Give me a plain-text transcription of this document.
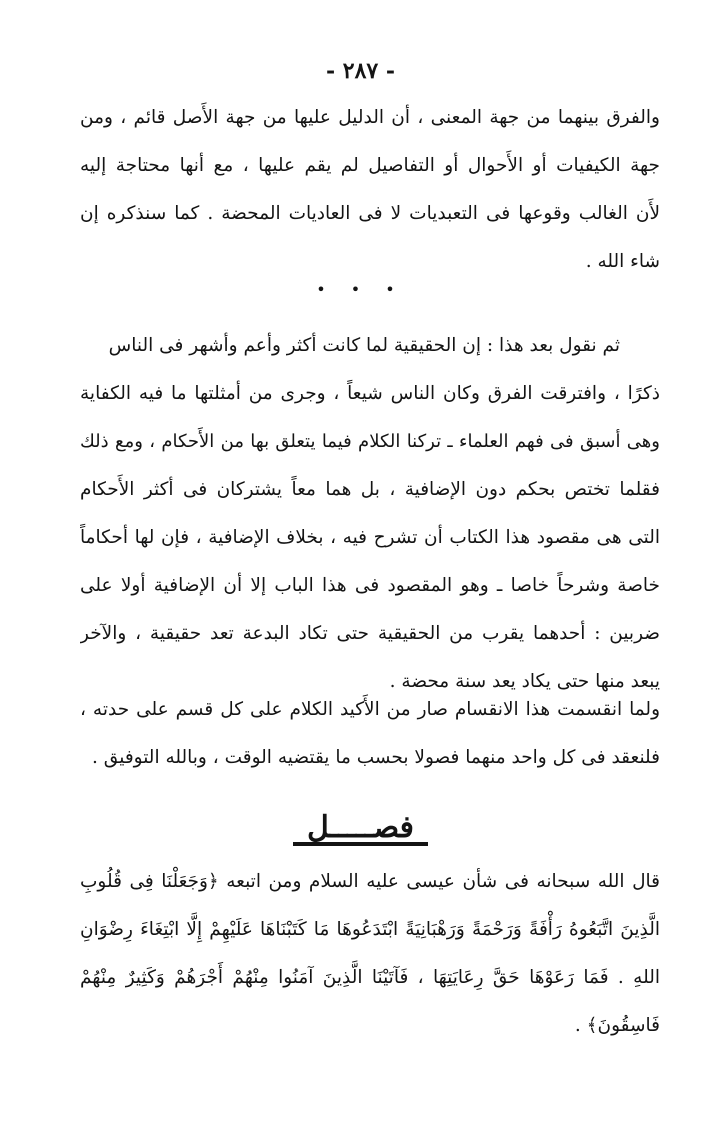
- ٢٨٧ -
والفرق بينهما من جهة المعنى ، أن الدليل عليها من جهة الأَصل قائم ، ومن
جهة الكيفيات أو الأَحوال أو التفاصيل لم يقم عليها ، مع أنها محتاجة إليه
لأَن الغالب وقوعها فى التعبديات لا فى العاديات المحضة . كما سنذكره إن
شاء الله .
• • •
ثم نقول بعد هذا : إن الحقيقية لما كانت أكثر وأعم وأشهر فى الناس
ذكرًا ، وافترقت الفرق وكان الناس شيعاً ، وجرى من أمثلتها ما فيه الكفاية
وهى أسبق فى فهم العلماء ـ تركنا الكلام فيما يتعلق بها من الأَحكام ، ومع ذلك
فقلما تختص بحكم دون الإضافية ، بل هما معاً يشتركان فى أكثر الأَحكام
التى هى مقصود هذا الكتاب أن تشرح فيه ، بخلاف الإضافية ، فإن لها أحكاماً
خاصة وشرحاً خاصا ـ وهو المقصود فى هذا الباب إلا أن الإضافية أولا على
ضربين : أحدهما يقرب من الحقيقية حتى تكاد البدعة تعد حقيقية ، والآخر
يبعد منها حتى يكاد يعد سنة محضة .
ولما انقسمت هذا الانقسام صار من الأَكيد الكلام على كل قسم على حدته ،
فلنعقد فى كل واحد منهما فصولا بحسب ما يقتضيه الوقت ، وبالله التوفيق .
فصـــــل
قال الله سبحانه فى شأن عيسى عليه السلام ومن اتبعه ﴿وَجَعَلْنَا فِى قُلُوبِ
الَّذِينَ اتَّبَعُوهُ رَأْفَةً وَرَحْمَةً وَرَهْبَانِيَةً ابْتَدَعُوهَا مَا كَتَبْنَاهَا عَلَيْهِمْ إِلَّا ابْتِغَاءَ رِضْوَانِ
اللهِ . فَمَا رَعَوْهَا حَقَّ رِعَايَتِهَا ، فَآتَيْنَا الَّذِينَ آمَنُوا مِنْهُمْ أَجْرَهُمْ وَكَثِيرٌ مِنْهُمْ
فَاسِقُونَ﴾ .
